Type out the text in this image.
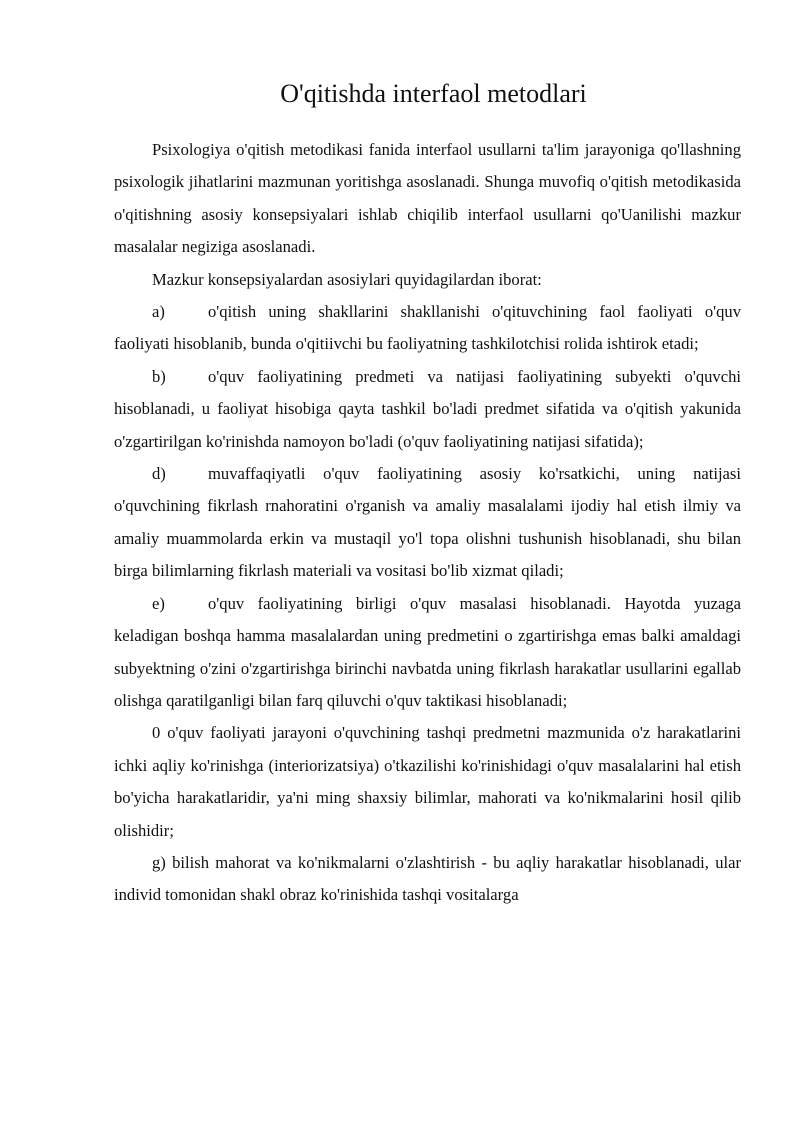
O'qitishda interfaol metodlari

Psixologiya o'qitish metodikasi fanida interfaol usullarni ta'lim jarayoniga qo'llashning psixologik jihatlarini mazmunan yoritishga asoslanadi. Shunga muvofiq o'qitish metodikasida o'qitishning asosiy konsepsiyalari ishlab chiqilib interfaol usullarni qo'Uanilishi mazkur masalalar negiziga asoslanadi.

Mazkur konsepsiyalardan asosiylari quyidagilardan iborat:

a)	o'qitish uning shakllarini shakllanishi o'qituvchining faol faoliyati o'quv faoliyati hisoblanib, bunda o'qitiivchi bu faoliyatning tashkilotchisi rolida ishtirok etadi;

b)	o'quv faoliyatining predmeti va natijasi faoliyatining subyekti o'quvchi hisoblanadi, u faoliyat hisobiga qayta tashkil bo'ladi predmet sifatida va o'qitish yakunida o'zgartirilgan ko'rinishda namoyon bo'ladi (o'quv faoliyatining natijasi sifatida);

d)	muvaffaqiyatli o'quv faoliyatining asosiy ko'rsatkichi, uning natijasi o'quvchining fikrlash rnahoratini o'rganish va amaliy masalalami ijodiy hal etish ilmiy va amaliy muammolarda erkin va mustaqil yo'l topa olishni tushunish hisoblanadi, shu bilan birga bilimlarning fikrlash materiali va vositasi bo'lib xizmat qiladi;

e)	o'quv faoliyatining birligi o'quv masalasi hisoblanadi. Hayotda yuzaga keladigan boshqa hamma masalalardan uning predmetini o zgartirishga emas balki amaldagi subyektning o'zini o'zgartirishga birinchi navbatda uning fikrlash harakatlar usullarini egallab olishga qaratilganligi bilan farq qiluvchi o'quv taktikasi hisoblanadi;

0 o'quv faoliyati jarayoni o'quvchining tashqi predmetni mazmunida o'z harakatlarini ichki aqliy ko'rinishga (interiorizatsiya) o'tkazilishi ko'rinishidagi o'quv masalalarini hal etish bo'yicha harakatlaridir, ya'ni ming shaxsiy bilimlar, mahorati va ko'nikmalarini hosil qilib olishidir;

g) bilish mahorat va ko'nikmalarni o'zlashtirish - bu aqliy harakatlar hisoblanadi, ular individ tomonidan shakl obraz ko'rinishida tashqi vositalarga
